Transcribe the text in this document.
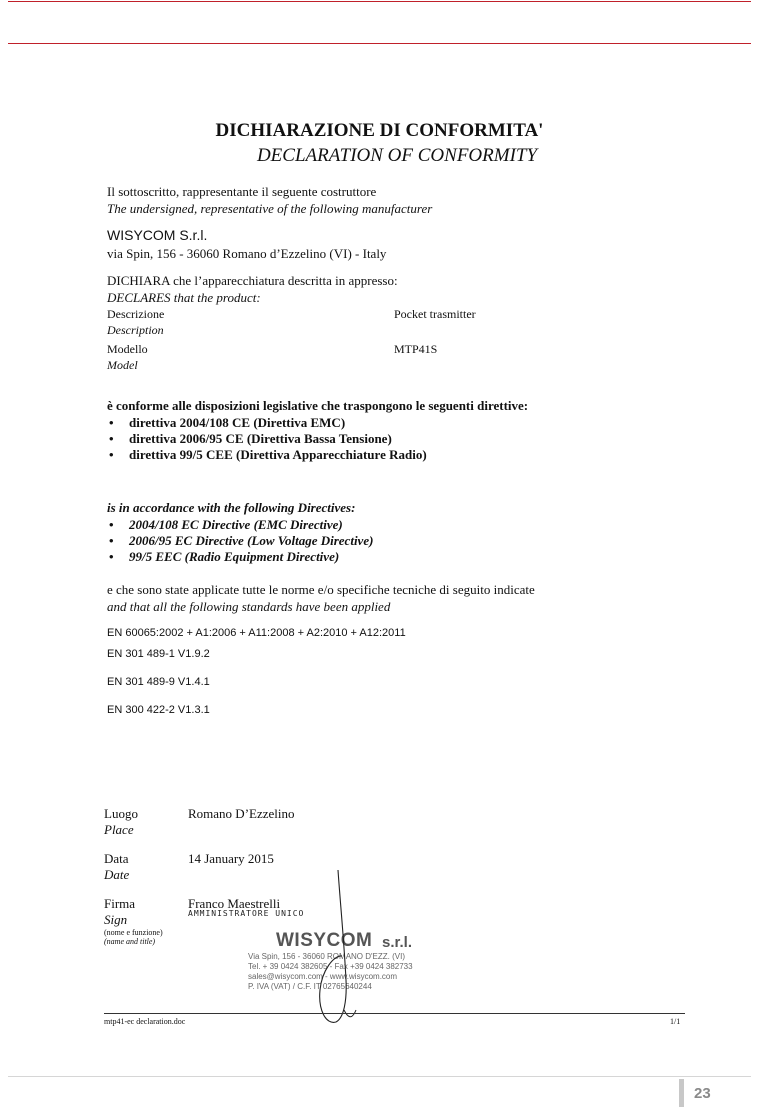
DICHIARAZIONE DI CONFORMITA'
DECLARATION OF CONFORMITY
Il sottoscritto, rappresentante il seguente costruttore
The undersigned, representative of the following manufacturer
WISYCOM S.r.l.
via Spin, 156 - 36060 Romano d’Ezzelino (VI) - Italy
DICHIARA che l’apparecchiatura descritta in appresso:
DECLARES that the product:
Descrizione
Description
Pocket trasmitter
Modello
Model
MTP41S
è conforme alle disposizioni legislative che traspongono le seguenti direttive:
• direttiva 2004/108 CE (Direttiva EMC)
• direttiva 2006/95 CE (Direttiva Bassa Tensione)
• direttiva 99/5 CEE (Direttiva Apparecchiature Radio)
is in accordance with the following Directives:
• 2004/108 EC Directive (EMC Directive)
• 2006/95 EC Directive (Low Voltage Directive)
• 99/5 EEC (Radio Equipment Directive)
e che sono state applicate tutte le norme e/o specifiche tecniche di seguito indicate
and that all the following standards have been applied
EN 60065:2002 + A1:2006 + A11:2008 + A2:2010 + A12:2011
EN 301 489-1 V1.9.2
EN 301 489-9 V1.4.1
EN 300 422-2 V1.3.1
Luogo
Place
Romano D’Ezzelino
Data
Date
14 January 2015
Firma
Sign
(nome e funzione)
(name and title)
Franco Maestrelli
AMMINISTRATORE UNICO
WISYCOM s.r.l.
Via Spin, 156 - 36060 ROMANO D'EZZ. (VI)
Tel. + 39 0424 382605 - Fax +39 0424 382733
sales@wisycom.com - www.wisycom.com
P. IVA (VAT) / C.F. IT 02765640244
mtp41-ec declaration.doc	1/1
23
